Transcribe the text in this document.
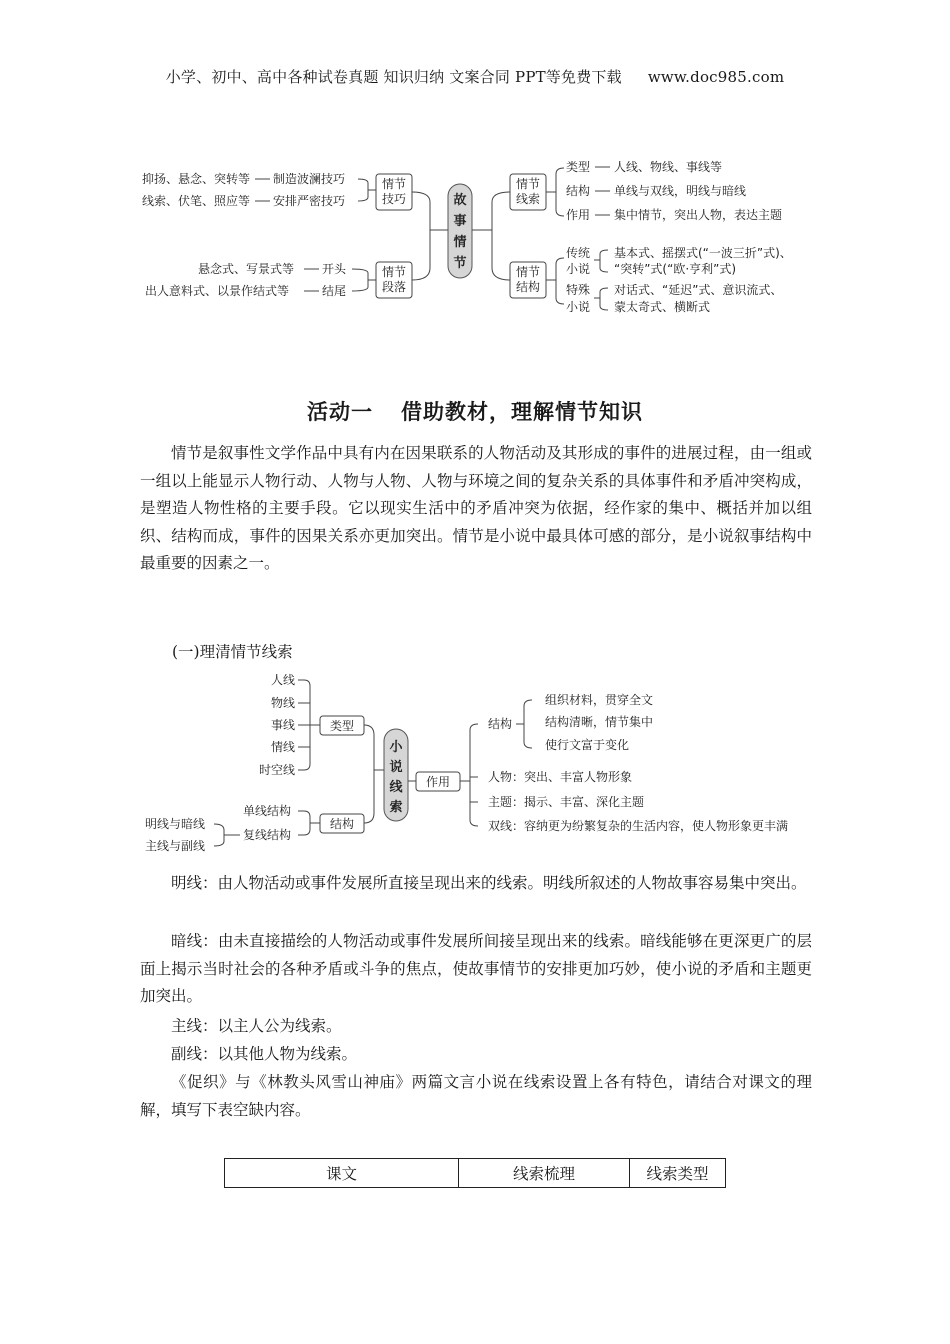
小学、初中、高中各种试卷真题 知识归纳 文案合同 PPT等免费下载 www.doc985.com
抑扬、悬念、突转等 制造波澜技巧
线索、伏笔、照应等 安排严密技巧
悬念式、写景式等 开头
出人意料式、以景作结式等	结尾
情节
技巧
情节
段落
故
事
情
节
情节
线索
类型 人线、物线、事线等
结构 单线与双线，明线与暗线
作用 集中情节，突出人物，表达主题
情节
结构
传统
小说
基本式、摇摆式(“一波三折”式)、
“突转”式(“欧·亨利”式)
特殊
小说
对话式、“延迟”式、意识流式、
蒙太奇式、横断式
活动一 借助教材，理解情节知识

情节是叙事性文学作品中具有内在因果联系的人物活动及其形成的事件的进展过程，由一组或一组以上能显示人物行动、人物与人物、人物与环境之间的复杂关系的具体事件和矛盾冲突构成，是塑造人物性格的主要手段。它以现实生活中的矛盾冲突为依据，经作家的集中、概括并加以组织、结构而成，事件的因果关系亦更加突出。情节是小说中最具体可感的部分，是小说叙事结构中最重要的因素之一。

(一)理清情节线索
人线
物线
事线
情线
时空线
类型
明线与暗线
主线与副线
单线结构
复线结构
结构
小
说
线
索
作用
结构
组织材料，贯穿全文
结构清晰，情节集中
使行文富于变化
人物：突出、丰富人物形象
主题：揭示、丰富、深化主题
双线：容纳更为纷繁复杂的生活内容，使人物形象更丰满

明线：由人物活动或事件发展所直接呈现出来的线索。明线所叙述的人物故事容易集中突出。

暗线：由未直接描绘的人物活动或事件发展所间接呈现出来的线索。暗线能够在更深更广的层面上揭示当时社会的各种矛盾或斗争的焦点，使故事情节的安排更加巧妙，使小说的矛盾和主题更加突出。

主线：以主人公为线索。

副线：以其他人物为线索。

《促织》与《林教头风雪山神庙》两篇文言小说在线索设置上各有特色，请结合对课文的理解，填写下表空缺内容。

课文	线索梳理	线索类型
